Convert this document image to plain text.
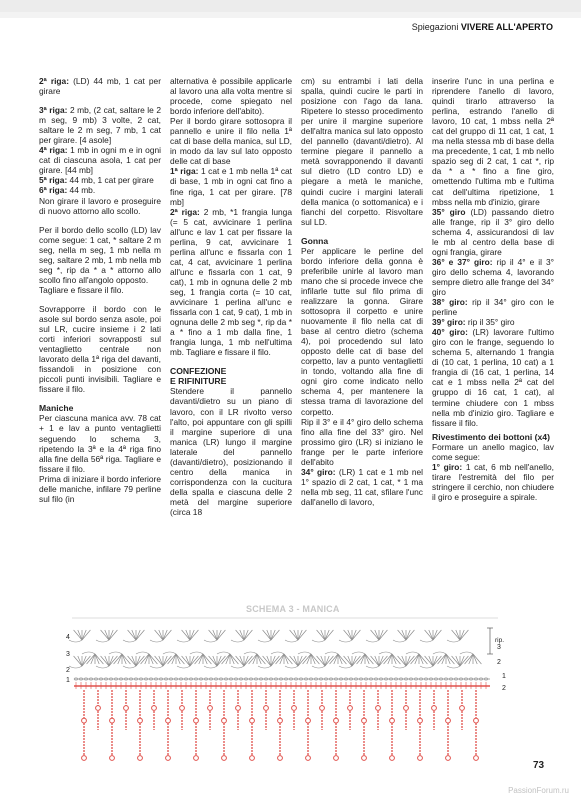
Spiegazioni VIVERE ALL'APERTO

2ª riga: (LD) 44 mb, 1 cat per girare

3ª riga: 2 mb, (2 cat, saltare le 2 m seg, 9 mb) 3 volte, 2 cat, saltare le 2 m seg, 7 mb, 1 cat per girare. [4 asole]

4ª riga: 1 mb in ogni m e in ogni cat di ciascuna asola, 1 cat per girare. [44 mb]

5ª riga: 44 mb, 1 cat per girare

6ª riga: 44 mb.

Non girare il lavoro e proseguire di nuovo attorno allo scollo.

Per il bordo dello scollo (LD) lav come segue: 1 cat, * saltare 2 m seg, nella m seg, 1 mb nella m seg, saltare 2 mb, 1 mb nella mb seg *, rip da * a * attorno allo scollo fino all'angolo opposto.

Tagliare e fissare il filo.

Sovrapporre il bordo con le asole sul bordo senza asole, poi sul LR, cucire insieme i 2 lati corti inferiori sovrapposti sul ventaglietto centrale non lavorato della 1ª riga del davanti, fissandoli in posizione con piccoli punti invisibili. Tagliare e fissare il filo.

Maniche

Per ciascuna manica avv. 78 cat + 1 e lav a punto ventaglietti seguendo lo schema 3, ripetendo la 3ª e la 4ª riga fino alla fine della 56ª riga. Tagliare e fissare il filo.

Prima di iniziare il bordo inferiore delle maniche, infilare 79 perline sul filo (in

alternativa è possibile applicarle al lavoro una alla volta mentre si procede, come spiegato nel bordo inferiore dell'abito).

Per il bordo girare sottosopra il pannello e unire il filo nella 1ª cat di base della manica, sul LD, in modo da lav sul lato opposto delle cat di base

1ª riga: 1 cat e 1 mb nella 1ª cat di base, 1 mb in ogni cat fino a fine riga, 1 cat per girare. [78 mb]

2ª riga: 2 mb, *1 frangia lunga (= 5 cat, avvicinare 1 perlina all'unc e lav 1 cat per fissare la perlina, 9 cat, avvicinare 1 perlina all'unc e fissarla con 1 cat, 4 cat, avvicinare 1 perlina all'unc e fissarla con 1 cat, 9 cat), 1 mb in ognuna delle 2 mb seg, 1 frangia corta (= 10 cat, avvicinare 1 perlina all'unc e fissarla con 1 cat, 9 cat), 1 mb in ognuna delle 2 mb seg *, rip da * a * fino a 1 mb dalla fine, 1 frangia lunga, 1 mb nell'ultima mb. Tagliare e fissare il filo.

CONFEZIONE
E RIFINITURE

Stendere il pannello davanti/dietro su un piano di lavoro, con il LR rivolto verso l'alto, poi appuntare con gli spilli il margine superiore di una manica (LR) lungo il margine laterale del pannello (davanti/dietro), posizionando il centro della manica in corrispondenza con la cucitura della spalla e ciascuna delle 2 metà del margine superiore (circa 18

cm) su entrambi i lati della spalla, quindi cucire le parti in posizione con l'ago da lana. Ripetere lo stesso procedimento per unire il margine superiore dell'altra manica sul lato opposto del pannello (davanti/dietro). Al termine piegare il pannello a metà sovrapponendo il davanti sul dietro (LD contro LD) e piegare a metà le maniche, quindi cucire i margini laterali della manica (o sottomanica) e i fianchi del corpetto. Risvoltare sul LD.

Gonna

Per applicare le perline del bordo inferiore della gonna è preferibile unirle al lavoro man mano che si procede invece che infilarle tutte sul filo prima di realizzare la gonna. Girare sottosopra il corpetto e unire nuovamente il filo nella cat di base al centro dietro (schema 4), poi procedendo sul lato opposto delle cat di base del corpetto, lav a punto ventaglietti in tondo, voltando alla fine di ogni giro come indicato nello schema 4, per mantenere la stessa trama di lavorazione del corpetto.

Rip il 3° e il 4° giro dello schema fino alla fine del 33° giro. Nel prossimo giro (LR) si iniziano le frange per le parte inferiore dell'abito

34° giro: (LR) 1 cat e 1 mb nel 1° spazio di 2 cat, 1 cat, * 1 ma nella mb seg, 11 cat, sfilare l'unc dall'anello di lavoro,

inserire l'unc in una perlina e riprendere l'anello di lavoro, quindi tirarlo attraverso la perlina, estrando l'anello di lavoro, 10 cat, 1 mbss nella 2ª cat del gruppo di 11 cat, 1 cat, 1 ma nella stessa mb di base della ma precedente, 1 cat, 1 mb nello spazio seg di 2 cat, 1 cat *, rip da * a * fino a fine giro, omettendo l'ultima mb e l'ultima cat dell'ultima ripetizione, 1 mbss nella mb d'inizio, girare

35° giro (LD) passando dietro alle frange, rip il 3° giro dello schema 4, assicurandosi di lav le mb al centro della base di ogni frangia, girare

36° e 37° giro: rip il 4° e il 3° giro dello schema 4, lavorando sempre dietro alle frange del 34° giro

38° giro: rip il 34° giro con le perline

39° giro: rip il 35° giro

40° giro: (LR) lavorare l'ultimo giro con le frange, seguendo lo schema 5, alternando 1 frangia di (10 cat, 1 perlina, 10 cat) a 1 frangia di (16 cat, 1 perlina, 14 cat e 1 mbss nella 2ª cat del gruppo di 16 cat, 1 cat), al termine chiudere con 1 mbss nella mb d'inizio giro. Tagliare e fissare il filo.

Rivestimento dei bottoni (x4)

Formare un anello magico, lav come segue:

1° giro: 1 cat, 6 mb nell'anello, tirare l'estremità del filo per stringere il cerchio, non chiudere il giro e proseguire a spirale.

SCHEMA 3 - MANICA
4
3
2
1
3
2
1
2
rip.
73
PassionForum.ru
